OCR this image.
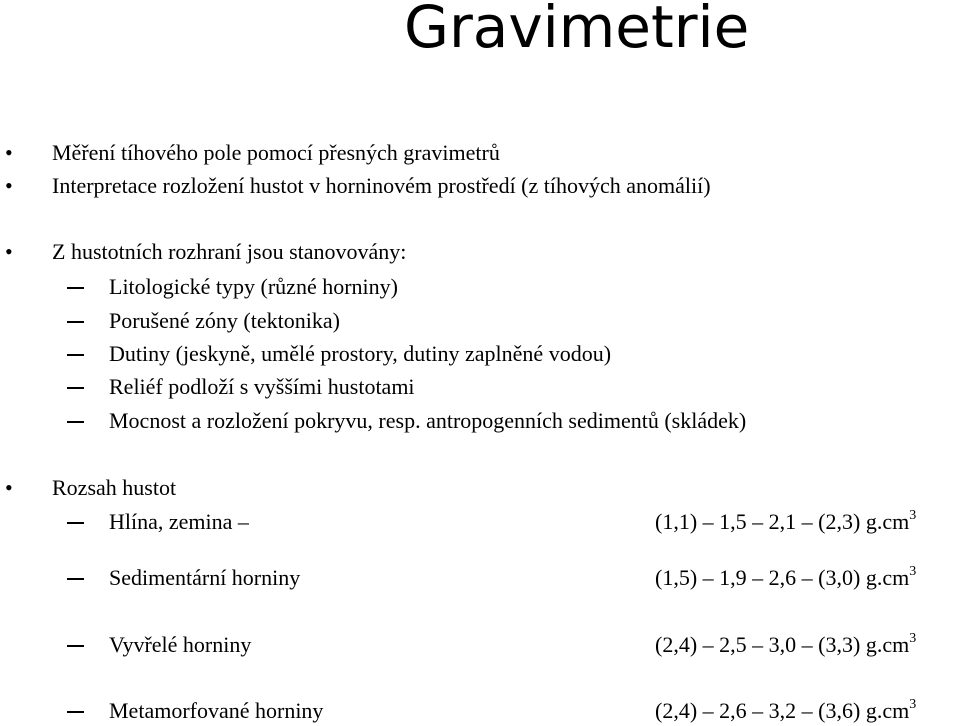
Gravimetrie
• Měření tíhového pole pomocí přesných gravimetrů
• Interpretace rozložení hustot v horninovém prostředí (z tíhových anomálií)
• Z hustotních rozhraní jsou stanovovány:
Litologické typy (různé horniny)
Porušené zóny (tektonika)
Dutiny (jeskyně, umělé prostory, dutiny zaplněné vodou)
Reliéf podloží s vyššími hustotami
Mocnost a rozložení pokryvu, resp. antropogenních sedimentů (skládek)
• Rozsah hustot
Hlína, zemina –	(1,1) – 1,5 – 2,1 – (2,3) $g.cm^3$
Sedimentární horniny	(1,5) – 1,9 – 2,6 – (3,0) $g.cm^3$
Vyvřelé horniny	(2,4) – 2,5 – 3,0 – (3,3) $g.cm^3$
Metamorfované horniny	(2,4) – 2,6 – 3,2 – (3,6) $g.cm^3$
